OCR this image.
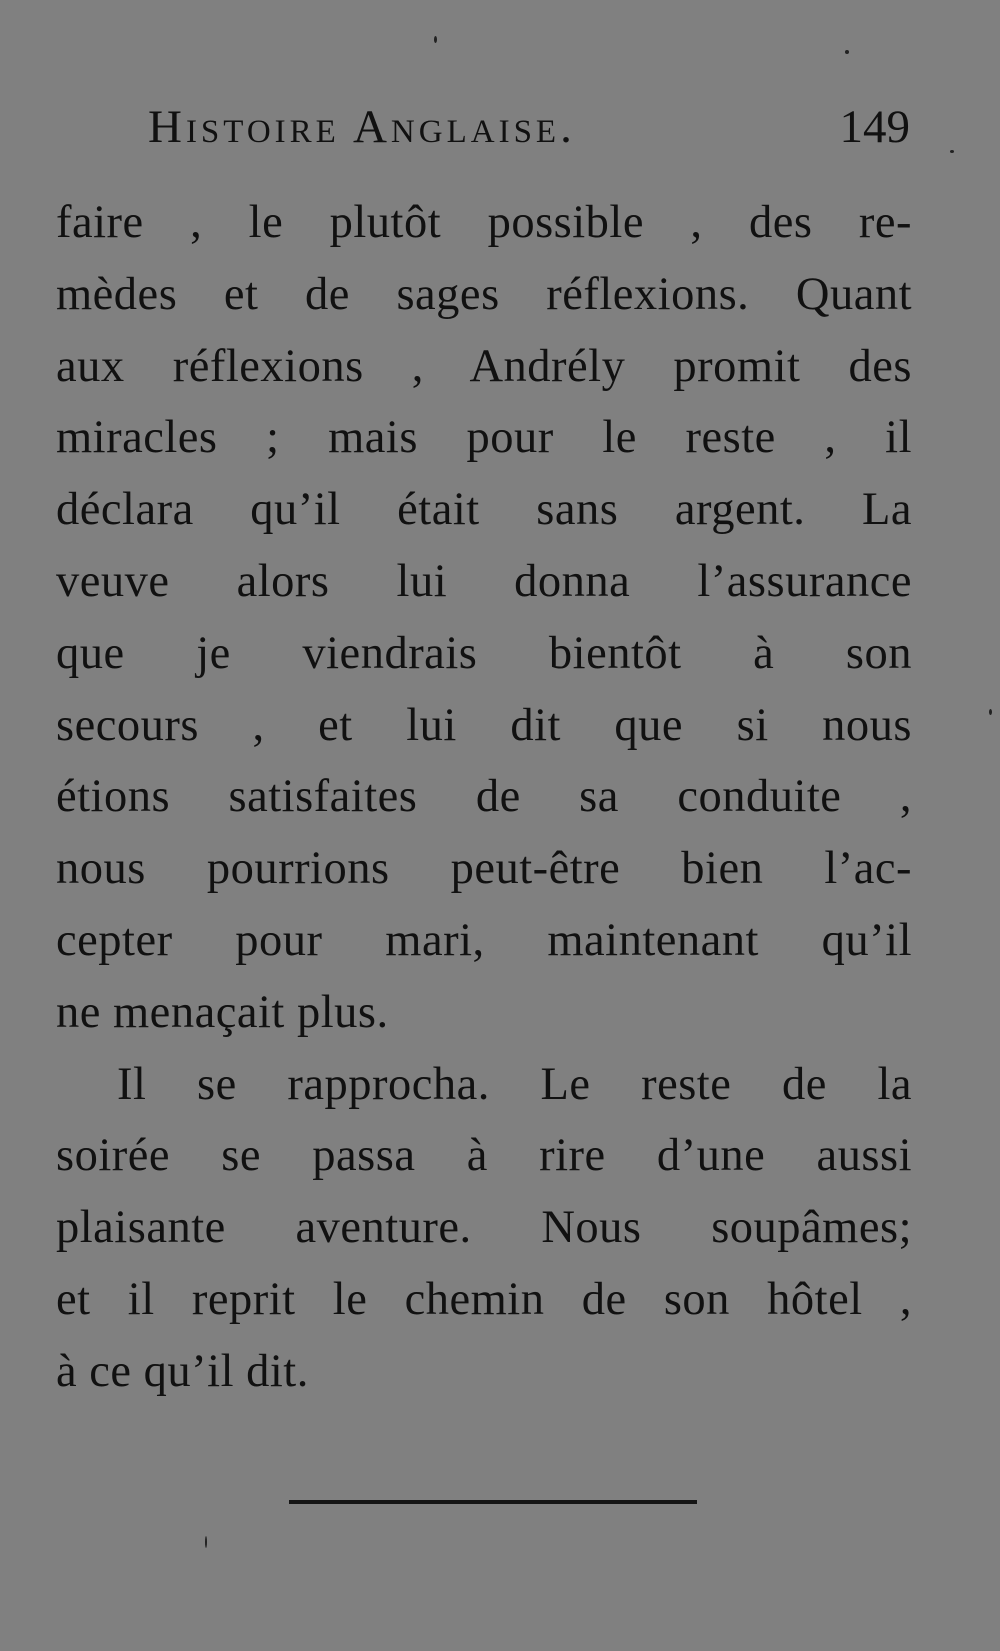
Histoire Anglaise.	149
faire , le plutôt possible , des re-
mèdes et de sages réflexions. Quant
aux réflexions , Andrély promit des
miracles ; mais pour le reste , il
déclara qu’il était sans argent. La
veuve alors lui donna l’assurance
que je viendrais bientôt à son
secours , et lui dit que si nous
étions satisfaites de sa conduite ,
nous pourrions peut-être bien l’ac-
cepter pour mari, maintenant qu’il
ne menaçait plus.
Il se rapprocha. Le reste de la
soirée se passa à rire d’une aussi
plaisante aventure. Nous soupâmes;
et il reprit le chemin de son hôtel ,
à ce qu’il dit.
